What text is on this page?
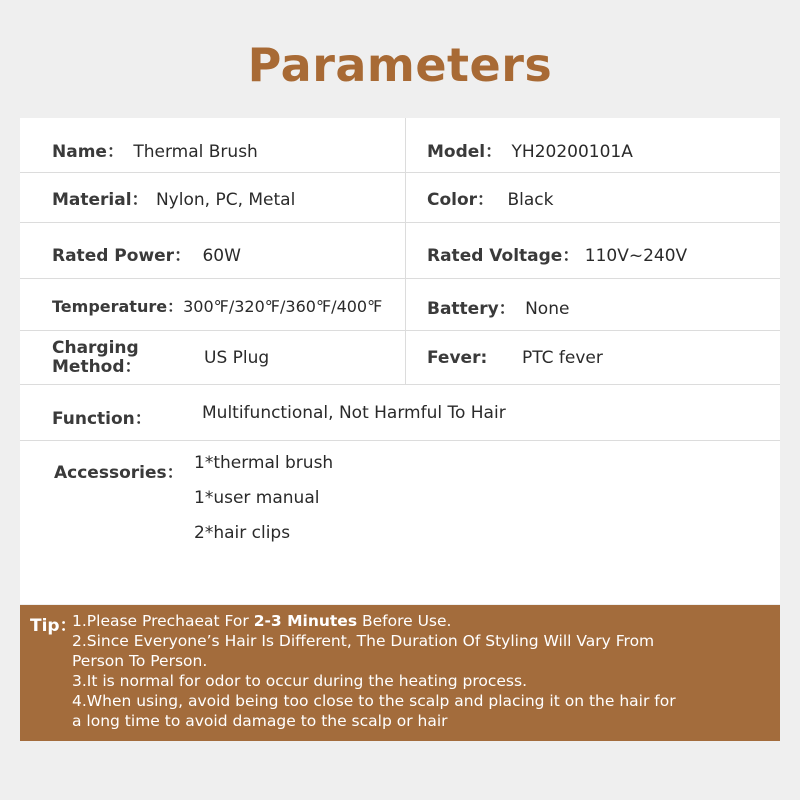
Parameters
Name： Thermal Brush	Model： YH20200101A
Material： Nylon, PC, Metal	Color： Black
Rated Power： 60W	Rated Voltage： 110V~240V
Temperature：300℉/320℉/360℉/400℉	Battery： None
Charging
Method：	US Plug	Fever: PTC fever
Function：	Multifunctional, Not Harmful To Hair
Accessories： 1*thermal brush
1*user manual
2*hair clips
Tip：
1.Please Prechaeat For 2-3 Minutes Before Use.
2.Since Everyone’s Hair Is Different, The Duration Of Styling Will Vary From
Person To Person.
3.It is normal for odor to occur during the heating process.
4.When using, avoid being too close to the scalp and placing it on the hair for
a long time to avoid damage to the scalp or hair
